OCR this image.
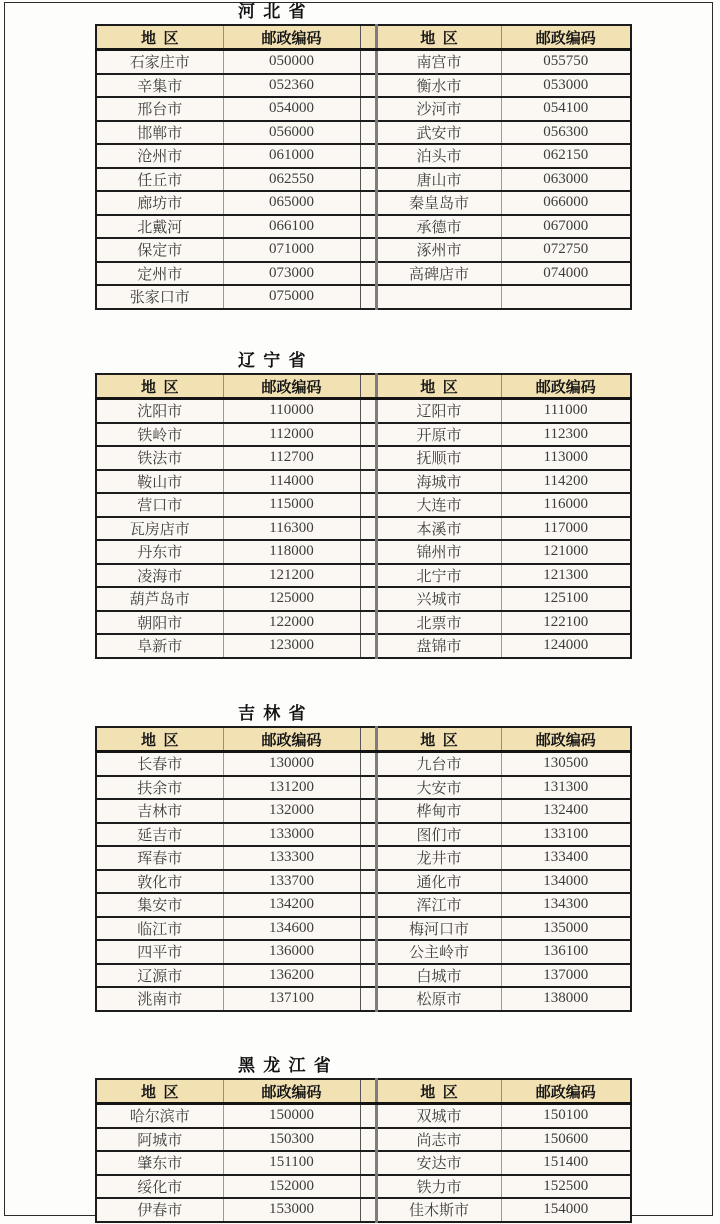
河 北 省
地  区	邮政编码		地  区	邮政编码
石家庄市	050000		南宫市	055750
辛集市	052360		衡水市	053000
邢台市	054000		沙河市	054100
邯郸市	056000		武安市	056300
沧州市	061000		泊头市	062150
任丘市	062550		唐山市	063000
廊坊市	065000		秦皇岛市	066000
北戴河	066100		承德市	067000
保定市	071000		涿州市	072750
定州市	073000		高碑店市	074000
张家口市	075000			
辽 宁 省
地  区	邮政编码		地  区	邮政编码
沈阳市	110000		辽阳市	111000
铁岭市	112000		开原市	112300
铁法市	112700		抚顺市	113000
鞍山市	114000		海城市	114200
营口市	115000		大连市	116000
瓦房店市	116300		本溪市	117000
丹东市	118000		锦州市	121000
凌海市	121200		北宁市	121300
葫芦岛市	125000		兴城市	125100
朝阳市	122000		北票市	122100
阜新市	123000		盘锦市	124000
吉 林 省
地  区	邮政编码		地  区	邮政编码
长春市	130000		九台市	130500
扶余市	131200		大安市	131300
吉林市	132000		桦甸市	132400
延吉市	133000		图们市	133100
珲春市	133300		龙井市	133400
敦化市	133700		通化市	134000
集安市	134200		浑江市	134300
临江市	134600		梅河口市	135000
四平市	136000		公主岭市	136100
辽源市	136200		白城市	137000
洮南市	137100		松原市	138000
黑 龙 江 省
地  区	邮政编码		地  区	邮政编码
哈尔滨市	150000		双城市	150100
阿城市	150300		尚志市	150600
肇东市	151100		安达市	151400
绥化市	152000		铁力市	152500
伊春市	153000		佳木斯市	154000
